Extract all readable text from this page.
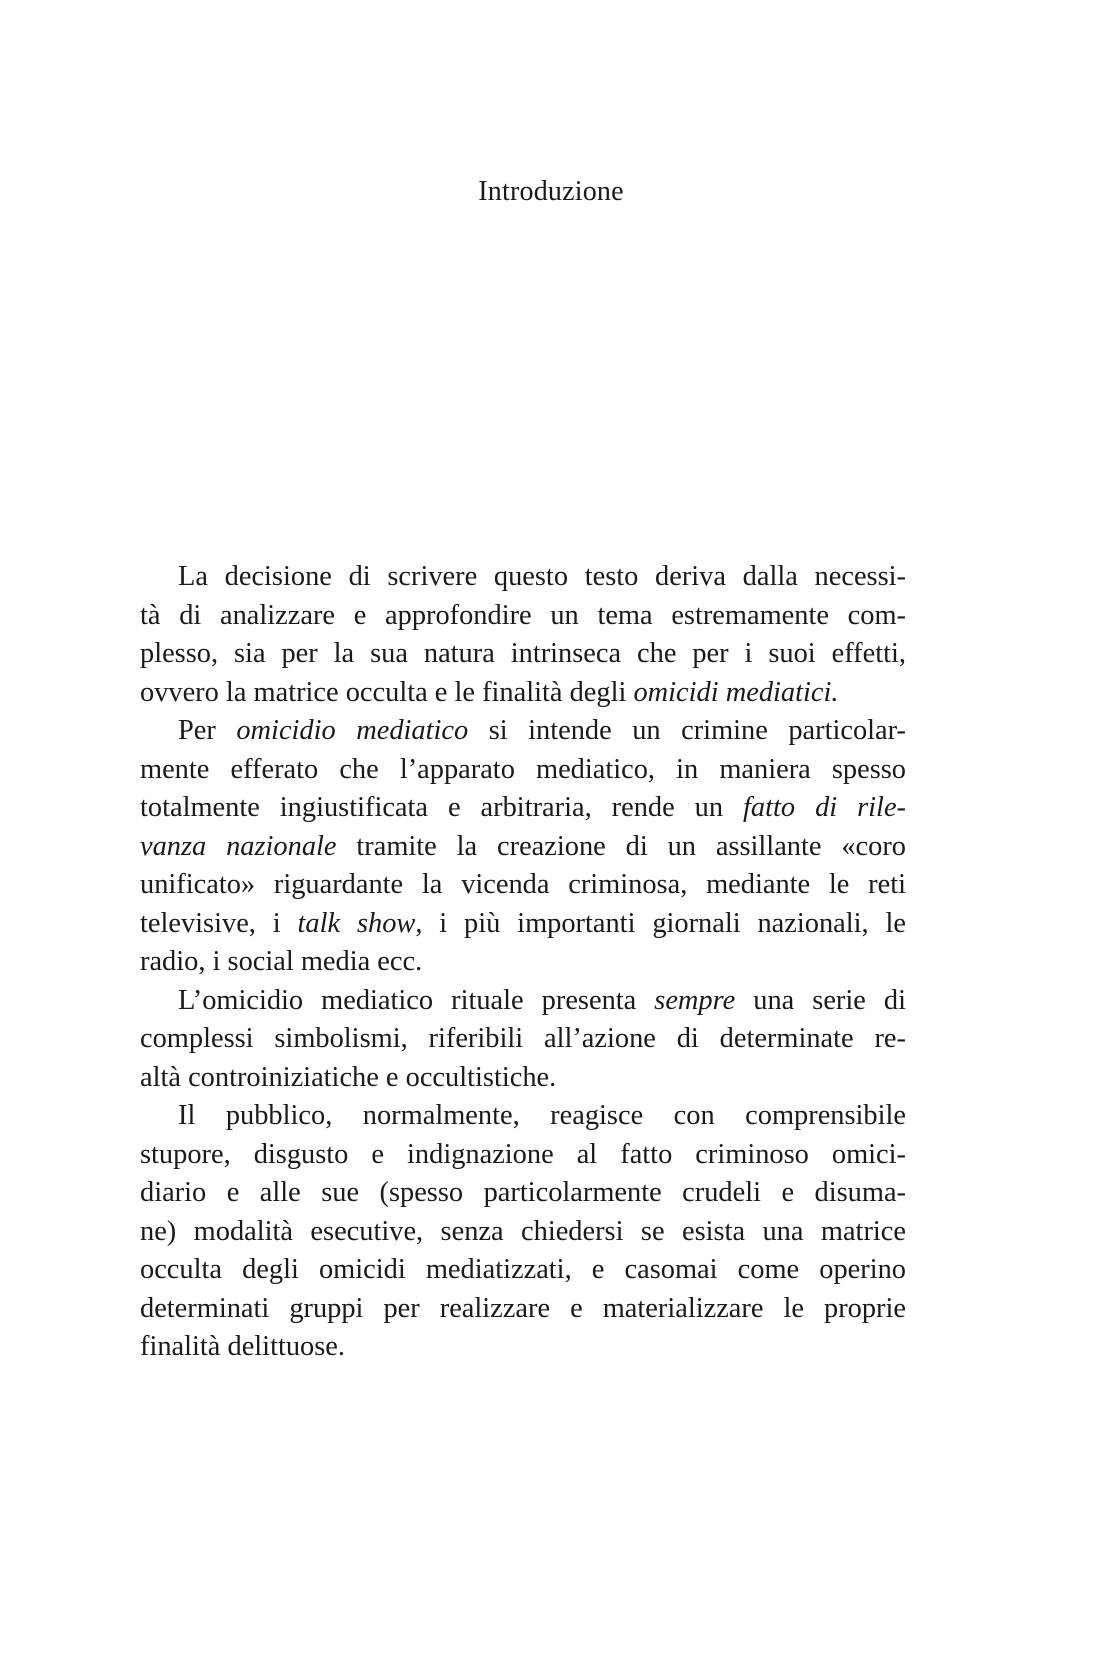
Introduzione

La decisione di scrivere questo testo deriva dalla necessi-
tà di analizzare e approfondire un tema estremamente com-
plesso, sia per la sua natura intrinseca che per i suoi effetti,
ovvero la matrice occulta e le finalità degli omicidi mediatici.

Per omicidio mediatico si intende un crimine particolar-
mente efferato che l’apparato mediatico, in maniera spesso
totalmente ingiustificata e arbitraria, rende un fatto di rile-
vanza nazionale tramite la creazione di un assillante «coro
unificato» riguardante la vicenda criminosa, mediante le reti
televisive, i talk show, i più importanti giornali nazionali, le
radio, i social media ecc.

L’omicidio mediatico rituale presenta sempre una serie di
complessi simbolismi, riferibili all’azione di determinate re-
altà controiniziatiche e occultistiche.

Il pubblico, normalmente, reagisce con comprensibile
stupore, disgusto e indignazione al fatto criminoso omici-
diario e alle sue (spesso particolarmente crudeli e disuma-
ne) modalità esecutive, senza chiedersi se esista una matrice
occulta degli omicidi mediatizzati, e casomai come operino
determinati gruppi per realizzare e materializzare le proprie
finalità delittuose.
